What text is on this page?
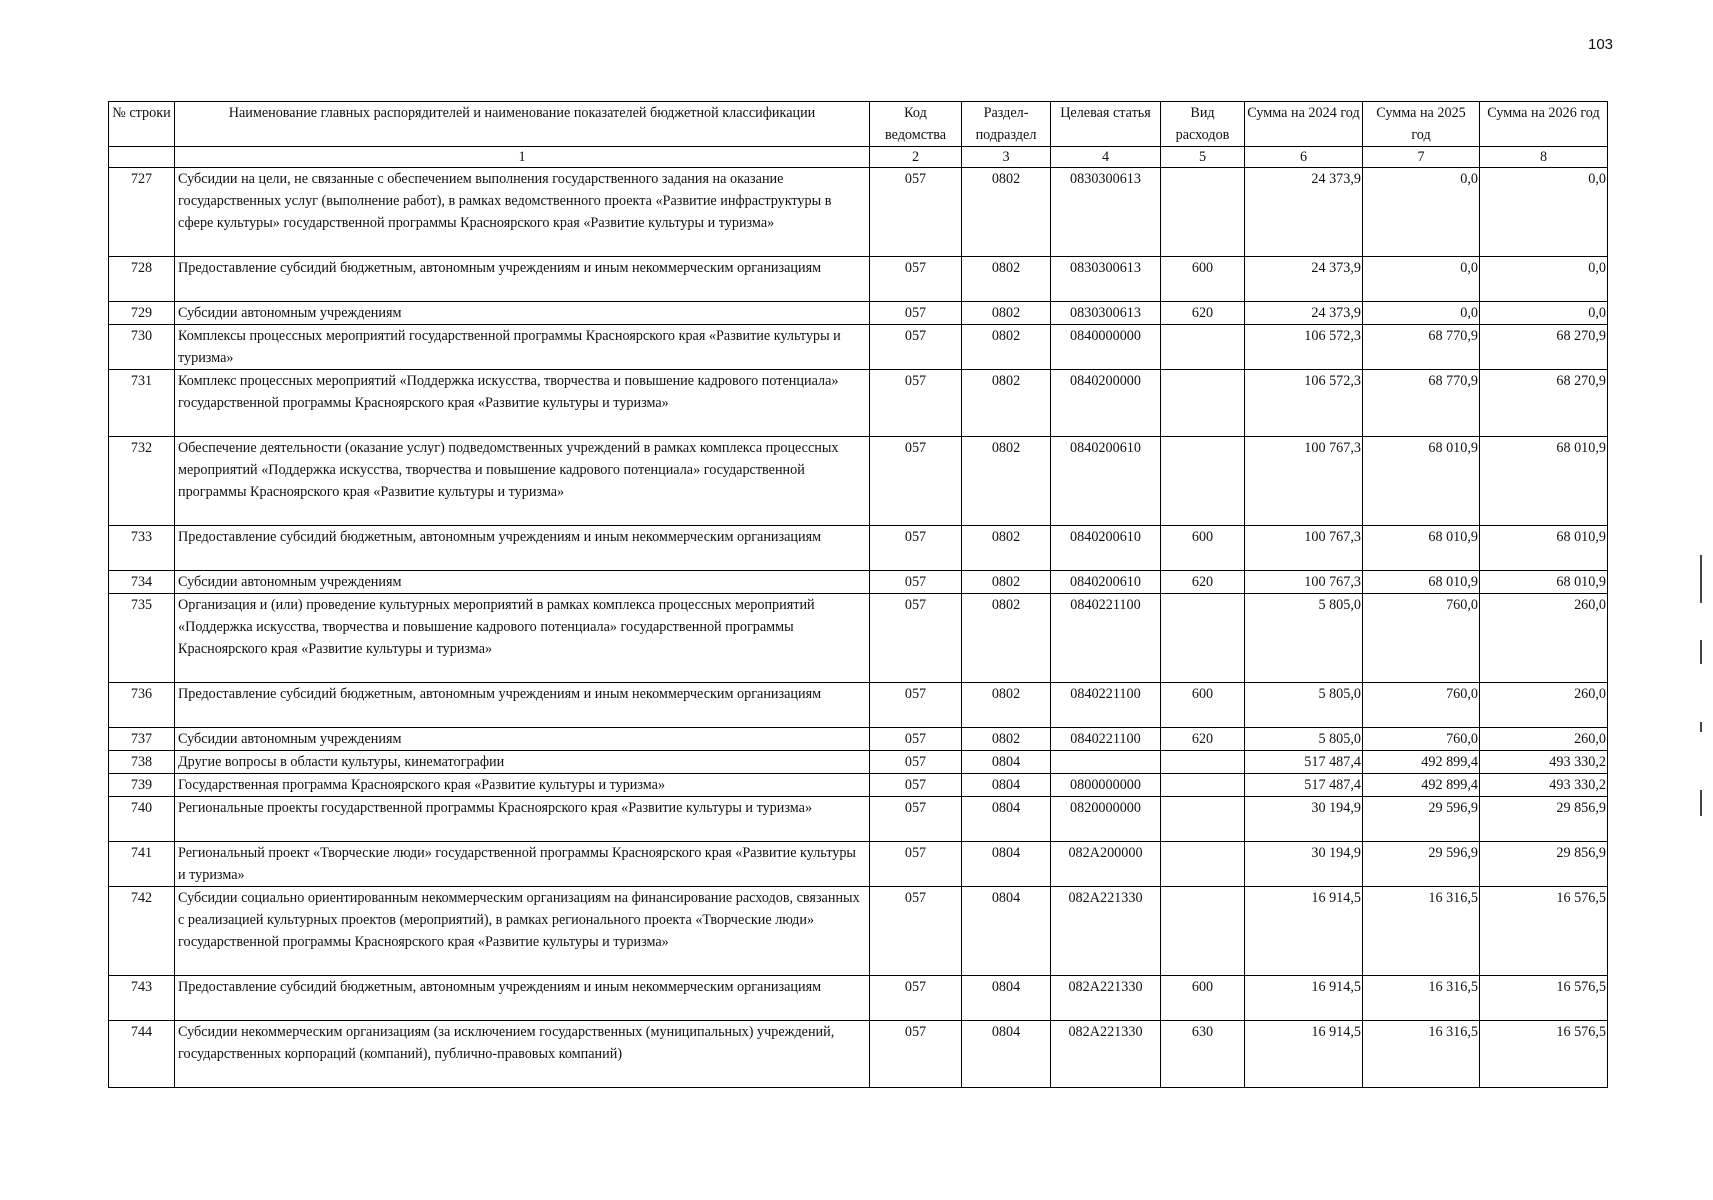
103
№ строки	Наименование главных распорядителей и наименование показателей бюджетной классификации	Код ведомства	Раздел- подраздел	Целевая статья	Вид расходов	Сумма на 2024 год	Сумма на 2025 год	Сумма на 2026 год
	1	2	3	4	5	6	7	8
727	Субсидии на цели, не связанные с обеспечением выполнения государственного задания на оказание государственных услуг (выполнение работ), в рамках ведомственного проекта «Развитие инфраструктуры в сфере культуры» государственной программы Красноярского края «Развитие культуры и туризма»	057	0802	0830300613		24 373,9	0,0	0,0
728	Предоставление субсидий бюджетным, автономным учреждениям и иным некоммерческим организациям	057	0802	0830300613	600	24 373,9	0,0	0,0
729	Субсидии автономным учреждениям	057	0802	0830300613	620	24 373,9	0,0	0,0
730	Комплексы процессных мероприятий государственной программы Красноярского края «Развитие культуры и туризма»	057	0802	0840000000		106 572,3	68 770,9	68 270,9
731	Комплекс процессных мероприятий «Поддержка искусства, творчества и повышение кадрового потенциала» государственной программы Красноярского края «Развитие культуры и туризма»	057	0802	0840200000		106 572,3	68 770,9	68 270,9
732	Обеспечение деятельности (оказание услуг) подведомственных учреждений в рамках комплекса процессных мероприятий «Поддержка искусства, творчества и повышение кадрового потенциала» государственной программы Красноярского края «Развитие культуры и туризма»	057	0802	0840200610		100 767,3	68 010,9	68 010,9
733	Предоставление субсидий бюджетным, автономным учреждениям и иным некоммерческим организациям	057	0802	0840200610	600	100 767,3	68 010,9	68 010,9
734	Субсидии автономным учреждениям	057	0802	0840200610	620	100 767,3	68 010,9	68 010,9
735	Организация и (или) проведение культурных мероприятий в рамках комплекса процессных мероприятий «Поддержка искусства, творчества и повышение кадрового потенциала» государственной программы Красноярского края «Развитие культуры и туризма»	057	0802	0840221100		5 805,0	760,0	260,0
736	Предоставление субсидий бюджетным, автономным учреждениям и иным некоммерческим организациям	057	0802	0840221100	600	5 805,0	760,0	260,0
737	Субсидии автономным учреждениям	057	0802	0840221100	620	5 805,0	760,0	260,0
738	Другие вопросы в области культуры, кинематографии	057	0804			517 487,4	492 899,4	493 330,2
739	Государственная программа Красноярского края «Развитие культуры и туризма»	057	0804	0800000000		517 487,4	492 899,4	493 330,2
740	Региональные проекты государственной программы Красноярского края «Развитие культуры и туризма»	057	0804	0820000000		30 194,9	29 596,9	29 856,9
741	Региональный проект «Творческие люди» государственной программы Красноярского края «Развитие культуры и туризма»	057	0804	082A200000		30 194,9	29 596,9	29 856,9
742	Субсидии социально ориентированным некоммерческим организациям на финансирование расходов, связанных с реализацией культурных проектов (мероприятий), в рамках регионального проекта «Творческие люди» государственной программы Красноярского края «Развитие культуры и туризма»	057	0804	082A221330		16 914,5	16 316,5	16 576,5
743	Предоставление субсидий бюджетным, автономным учреждениям и иным некоммерческим организациям	057	0804	082A221330	600	16 914,5	16 316,5	16 576,5
744	Субсидии некоммерческим организациям (за исключением государственных (муниципальных) учреждений, государственных корпораций (компаний), публично-правовых компаний)	057	0804	082A221330	630	16 914,5	16 316,5	16 576,5
